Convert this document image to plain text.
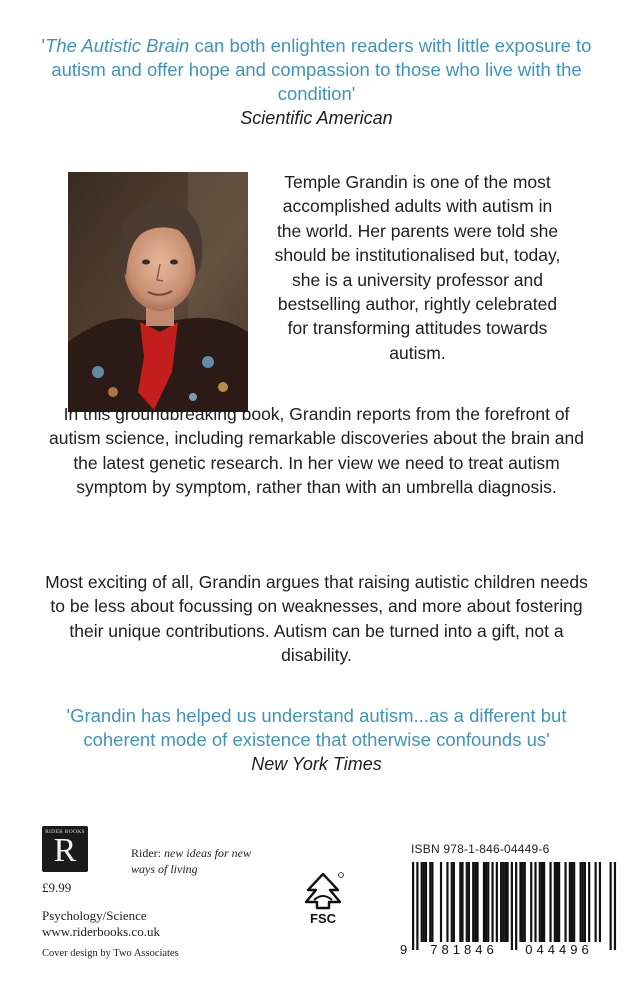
'The Autistic Brain can both enlighten readers with little exposure to autism and offer hope and compassion to those who live with the condition'
Scientific American

Temple Grandin is one of the most accomplished adults with autism in the world. Her parents were told she should be institutionalised but, today, she is a university professor and bestselling author, rightly celebrated for transforming attitudes towards autism.

In this groundbreaking book, Grandin reports from the forefront of autism science, including remarkable discoveries about the brain and the latest genetic research. In her view we need to treat autism symptom by symptom, rather than with an umbrella diagnosis.

Most exciting of all, Grandin argues that raising autistic children needs to be less about focussing on weaknesses, and more about fostering their unique contributions. Autism can be turned into a gift, not a disability.

'Grandin has helped us understand autism...as a different but coherent mode of existence that otherwise confounds us'
New York Times
RIDER BOOKS
R	Rider: new ideas for new ways of living
£9.99
Psychology/Science
www.riderbooks.co.uk
Cover design by Two Associates
FSC
ISBN 978-1-846-04449-6
9 781846 044496
